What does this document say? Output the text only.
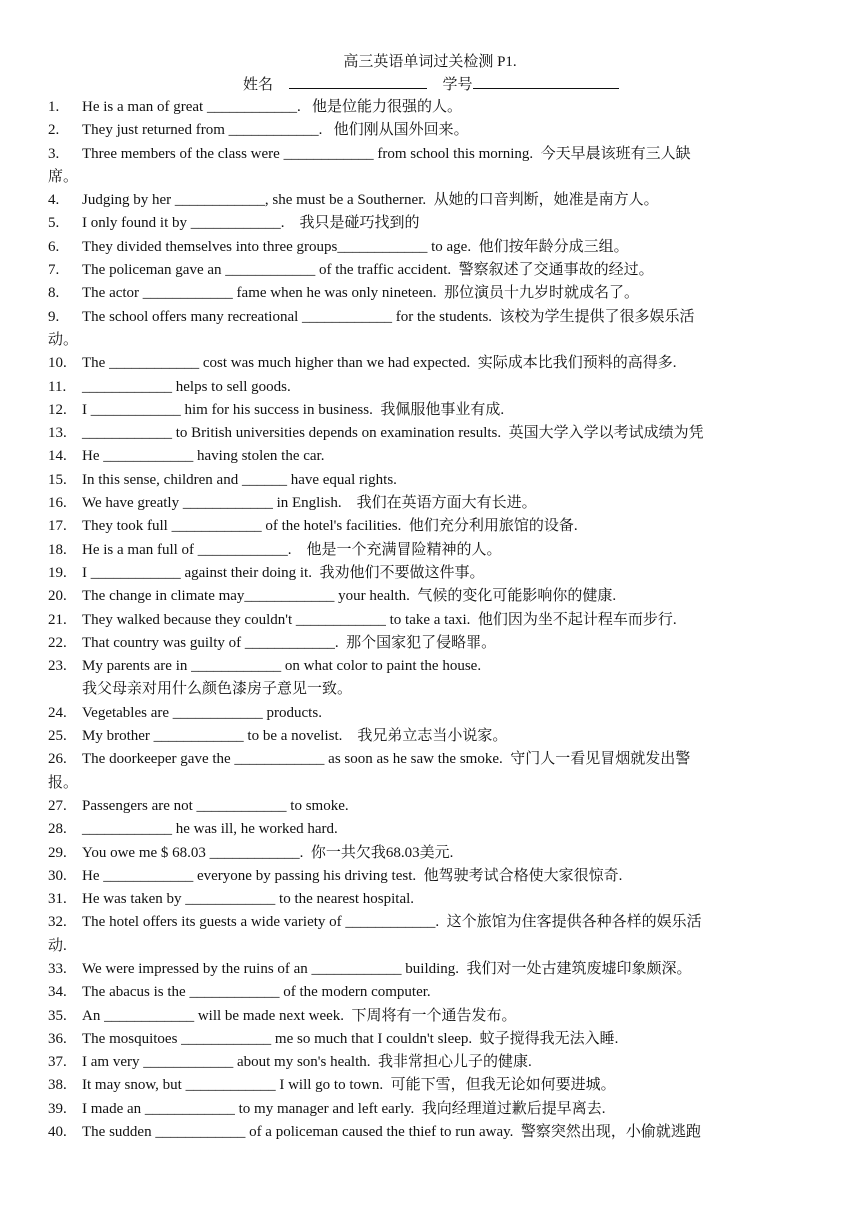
高三英语单词过关检测 P1.
姓名	学号
1.	He is a man of great ____________.   他是位能力很强的人。
2.	They just returned from ____________.   他们刚从国外回来。
3.	Three members of the class were ____________ from school this morning.  今天早晨该班有三人缺
席。
4.	Judging by her ____________, she must be a Southerner.  从她的口音判断，她准是南方人。
5.	I only found it by ____________.    我只是碰巧找到的
6.	They divided themselves into three groups____________ to age.  他们按年龄分成三组。
7.	The policeman gave an ____________ of the traffic accident.  警察叙述了交通事故的经过。
8.	The actor ____________ fame when he was only nineteen.  那位演员十九岁时就成名了。
9.	The school offers many recreational ____________ for the students.  该校为学生提供了很多娱乐活
动。
10.	The ____________ cost was much higher than we had expected.  实际成本比我们预料的高得多.
11.	____________ helps to sell goods.
12.	I ____________ him for his success in business.  我佩服他事业有成.
13.	____________ to British universities depends on examination results.  英国大学入学以考试成绩为凭
14.	He ____________ having stolen the car.
15.	In this sense, children and ______ have equal rights.
16.	We have greatly ____________ in English.    我们在英语方面大有长进。
17.	They took full ____________ of the hotel's facilities.  他们充分利用旅馆的设备.
18.	He is a man full of ____________.    他是一个充满冒险精神的人。
19.	I ____________ against their doing it.  我劝他们不要做这件事。
20.	The change in climate may____________ your health.  气候的变化可能影响你的健康.
21.	They walked because they couldn't ____________ to take a taxi.  他们因为坐不起计程车而步行.
22.	That country was guilty of ____________.  那个国家犯了侵略罪。
23.	My parents are in ____________ on what color to paint the house.
我父母亲对用什么颜色漆房子意见一致。
24.	Vegetables are ____________ products.
25.	My brother ____________ to be a novelist.    我兄弟立志当小说家。
26.	The doorkeeper gave the ____________ as soon as he saw the smoke.  守门人一看见冒烟就发出警
报。
27.	Passengers are not ____________ to smoke.
28.	____________ he was ill, he worked hard.
29.	You owe me $ 68.03 ____________.  你一共欠我68.03美元.
30.	He ____________ everyone by passing his driving test.  他驾驶考试合格使大家很惊奇.
31.	He was taken by ____________ to the nearest hospital.
32.	The hotel offers its guests a wide variety of ____________.  这个旅馆为住客提供各种各样的娱乐活
动.
33.	We were impressed by the ruins of an ____________ building.  我们对一处古建筑废墟印象颇深。
34.	The abacus is the ____________ of the modern computer.
35.	An ____________ will be made next week.  下周将有一个通告发布。
36.	The mosquitoes ____________ me so much that I couldn't sleep.  蚊子搅得我无法入睡.
37.	I am very ____________ about my son's health.  我非常担心儿子的健康.
38.	It may snow, but ____________ I will go to town.  可能下雪，但我无论如何要进城。
39.	I made an ____________ to my manager and left early.  我向经理道过歉后提早离去.
40.	The sudden ____________ of a policeman caused the thief to run away.  警察突然出现，小偷就逃跑
